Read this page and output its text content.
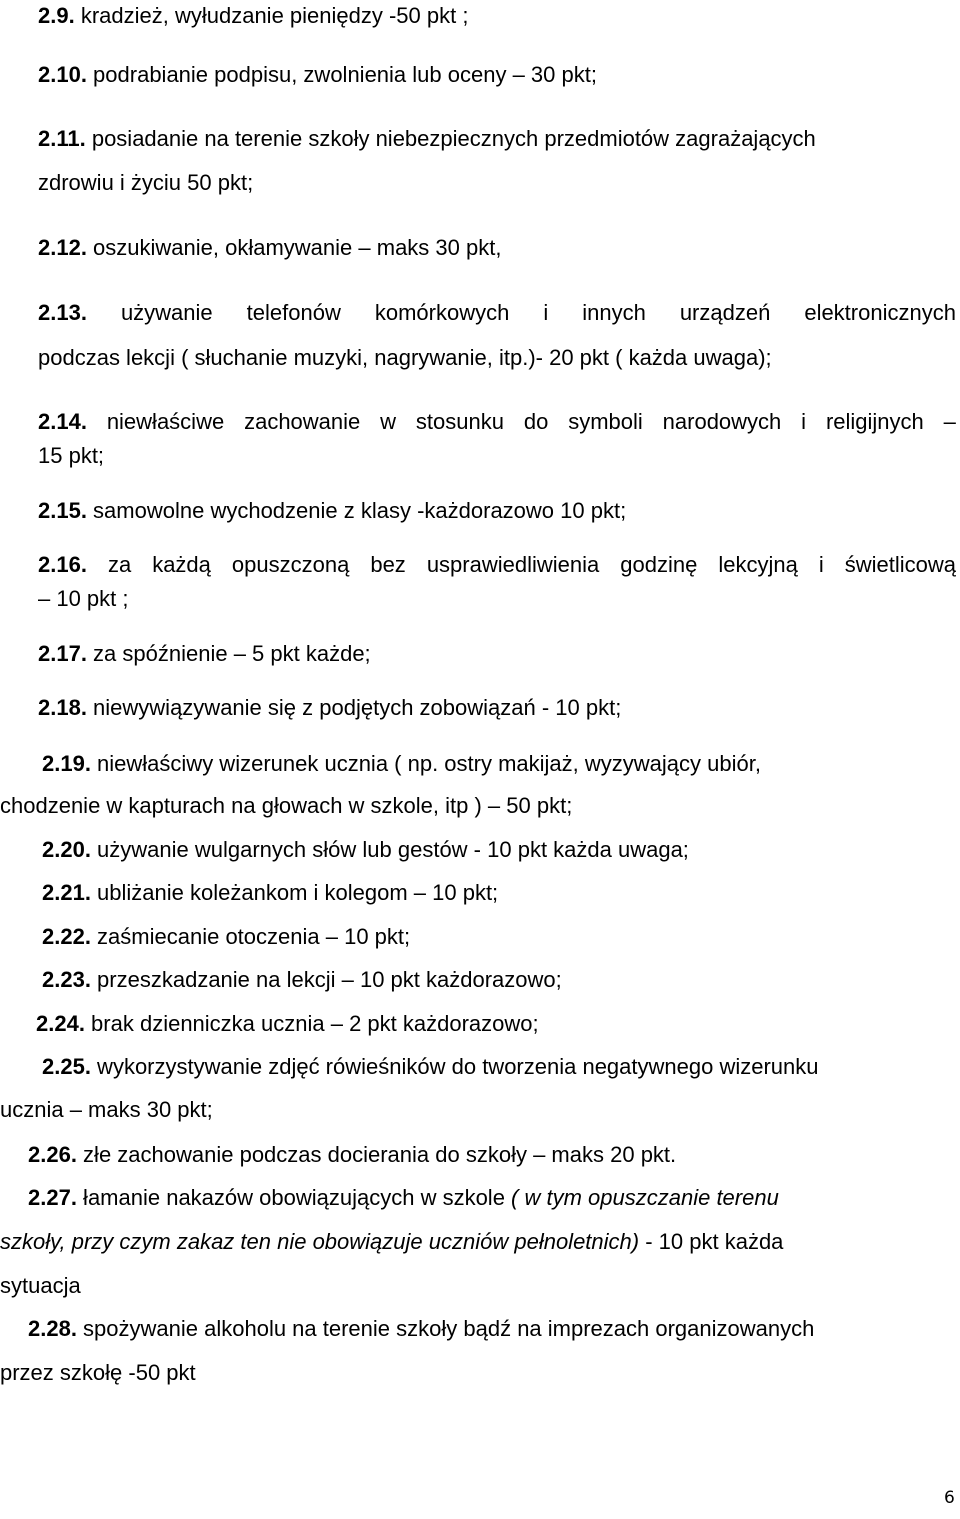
2.9. kradzież, wyłudzanie pieniędzy -50 pkt ;
2.10. podrabianie podpisu, zwolnienia lub oceny – 30 pkt;
2.11. posiadanie na terenie szkoły niebezpiecznych przedmiotów zagrażających
zdrowiu i życiu 50 pkt;
2.12. oszukiwanie, okłamywanie – maks 30 pkt,
2.13. używanie telefonów komórkowych i innych urządzeń elektronicznych
podczas lekcji ( słuchanie muzyki, nagrywanie, itp.)- 20 pkt ( każda uwaga);
2.14. niewłaściwe zachowanie w stosunku do symboli narodowych i religijnych –
15 pkt;
2.15. samowolne wychodzenie z klasy -każdorazowo 10 pkt;
2.16. za każdą opuszczoną bez usprawiedliwienia godzinę lekcyjną i świetlicową
– 10 pkt ;
2.17. za spóźnienie – 5 pkt każde;
2.18. niewywiązywanie się z podjętych zobowiązań - 10 pkt;
2.19. niewłaściwy wizerunek ucznia ( np. ostry makijaż, wyzywający ubiór,
chodzenie w kapturach na głowach w szkole, itp ) – 50 pkt;
2.20. używanie wulgarnych słów lub gestów - 10 pkt każda uwaga;
2.21. ubliżanie koleżankom i kolegom – 10 pkt;
2.22. zaśmiecanie otoczenia – 10 pkt;
2.23. przeszkadzanie na lekcji – 10 pkt każdorazowo;
2.24. brak dzienniczka ucznia – 2 pkt każdorazowo;
2.25. wykorzystywanie zdjęć rówieśników do tworzenia negatywnego wizerunku
ucznia – maks 30 pkt;
2.26. złe zachowanie podczas docierania do szkoły – maks 20 pkt.
2.27. łamanie nakazów obowiązujących w szkole ( w tym opuszczanie terenu
szkoły, przy czym zakaz ten nie obowiązuje uczniów pełnoletnich) - 10 pkt każda
sytuacja
2.28. spożywanie alkoholu na terenie szkoły bądź na imprezach organizowanych
przez szkołę -50 pkt
6
